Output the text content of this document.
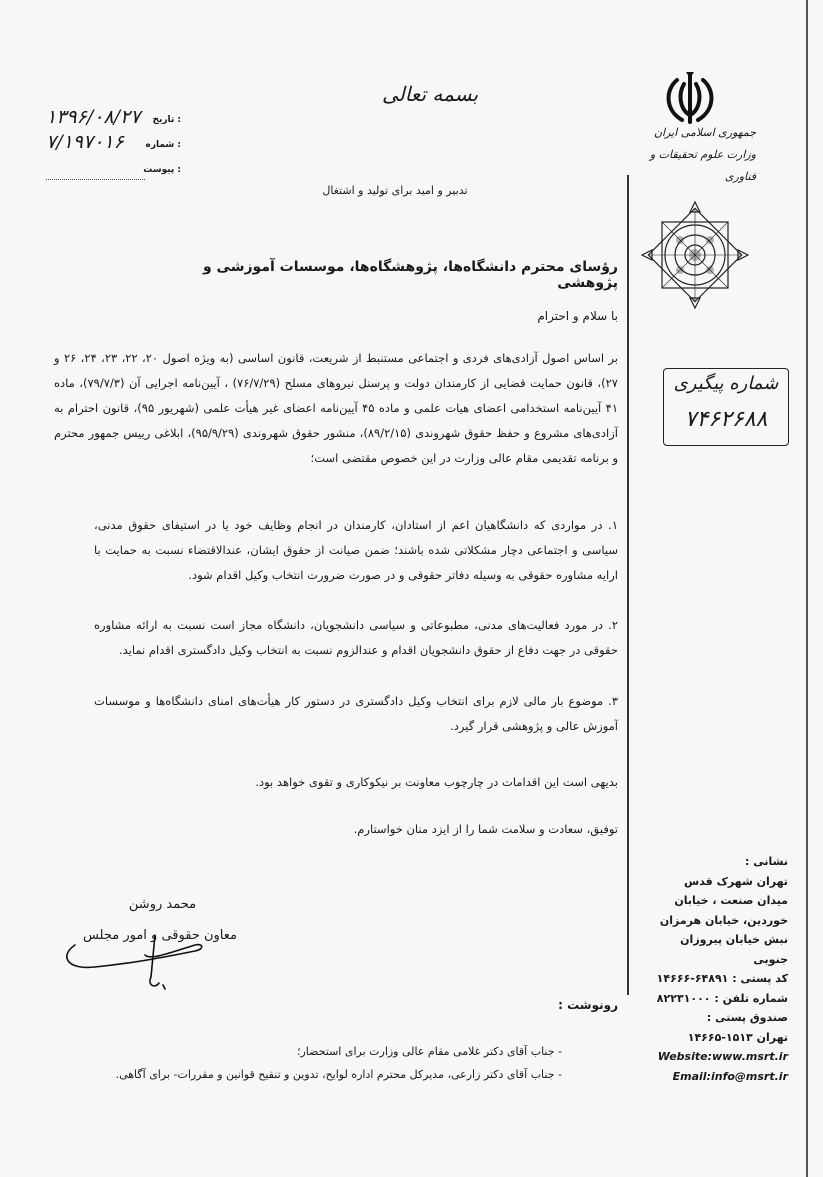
بسمه تعالی
جمهوری اسلامی ایران
وزارت علوم تحقیقات و فناوری
۱۳۹۶/۰۸/۲۷ تاریخ :
۷/۱۹۷۰۱۶ شماره :
پیوست :
تدبیر و امید برای تولید و اشتغال
رؤسای محترم دانشگاه‌ها، پژوهشگاه‌ها، موسسات آموزشی و پژوهشی
با سلام و احترام
بر اساس اصول آزادی‌های فردی و اجتماعی مستنبط از شریعت، قانون اساسی (به ویژه اصول ۲۰، ۲۲، ۲۳، ۲۴، ۲۶ و ۲۷)، قانون حمایت قضایی از کارمندان دولت و پرسنل نیروهای مسلح (۷۶/۷/۲۹) ، آیین‌نامه اجرایی آن (۷۹/۷/۳)، ماده ۴۱ آیین‌نامه استخدامی اعضای هیات علمی و ماده ۴۵ آیین‌نامه اعضای غیر هیأت علمی (شهریور ۹۵)، قانون احترام به آزادی‌های مشروع و حفظ حقوق شهروندی (۸۹/۲/۱۵)، منشور حقوق شهروندی (۹۵/۹/۲۹)، ابلاغی رییس جمهور محترم و برنامه تقدیمی مقام عالی وزارت در این خصوص مقتضی است؛
۱. در مواردی که دانشگاهیان اعم از استادان، کارمندان در انجام وظایف خود یا در استیفای حقوق مدنی، سیاسی و اجتماعی دچار مشکلاتی شده باشند؛ ضمن صیانت از حقوق ایشان، عندالاقتضاء نسبت به حمایت با ارایه مشاوره حقوقی به وسیله دفاتر حقوقی و در صورت ضرورت انتخاب وکیل اقدام شود.
۲. در مورد فعالیت‌های مدنی، مطبوعاتی و سیاسی دانشجویان، دانشگاه مجاز است نسبت به ارائه مشاوره حقوقی در جهت دفاع از حقوق دانشجویان اقدام و عندالزوم نسبت به انتخاب وکیل دادگستری اقدام نماید.
۳. موضوع بار مالی لازم برای انتخاب وکیل دادگستری در دستور کار هیأت‌های امنای دانشگاه‌ها و موسسات آموزش عالی و پژوهشی قرار گیرد.
بدیهی است این اقدامات در چارچوب معاونت بر نیکوکاری و تقوی خواهد بود.
توفیق، سعادت و سلامت شما را از ایزد منان خواستارم.
شماره پیگیری
۷۴۶۲۶۸۸
محمد روشن
معاون حقوقی و امور مجلس
نشانی :
تهران شهرک قدس
میدان صنعت ، خیابان
خوردین، خیابان هرمزان
نبش خیابان پیروزان جنوبی
کد پستی : ۶۴۸۹۱-۱۴۶۶۶
شماره تلفن : ۸۲۲۳۱۰۰۰
صندوق پستی :
تهران ۱۵۱۳-۱۴۶۶۵
Website:www.msrt.ir
Email:info@msrt.ir
رونوشت :
- جناب آقای دکتر غلامی مقام عالی وزارت برای استحضار؛
- جناب آقای دکتر زارعی، مدیرکل محترم اداره لوایح، تدوین و تنقیح قوانین و مقررات- برای آگاهی.
